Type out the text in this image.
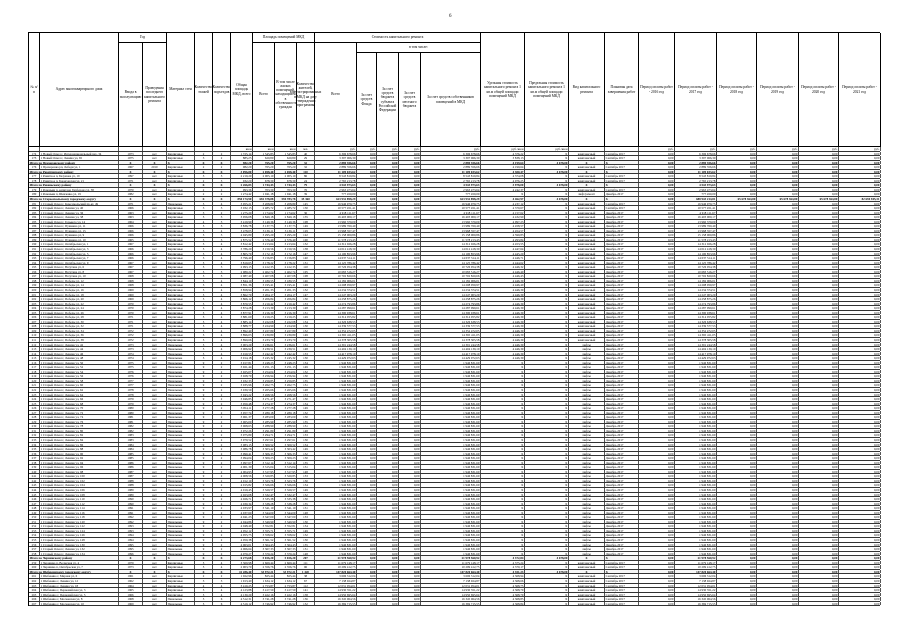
6
№ п/п
Адрес многоквартирного дома
Год
Ввода в эксплуатацию
Проведения последнего капитального ремонта
Материал стен
Количество этажей
Количество подъездов
Общая площадь МКД, всего
Площадь помещений МКД
Всего
В том числе жилых помещений, находящихся в собственности граждан
Количество жителей, зарегистрированных в МКД на дату утверждения программы
Стоимость капитального ремонта
Всего
в том числе:
За счет средств Фонда
За счет средств бюджета субъекта Российской Федерации
За счет средств местного бюджета
За счет средств собственников помещений в МКД
Удельная стоимость капитального ремонта 1 кв.м общей площади помещений МКД
Предельная стоимость капитального ремонта 1 кв.м общей площади помещений МКД
Вид капитального ремонта
Плановая дата завершения работ
Период оплаты работ - 2016 год
Период оплаты работ - 2017 год
Период оплаты работ - 2018 год
Период оплаты работ - 2019 год
Период оплаты работ - 2020 год
Период оплаты работ - 2021 год
кв.м	кв.м	кв.м	чел.	руб.	руб.	руб.	руб.	руб.	руб./кв.м	руб./кв.м	руб.	руб.	руб.	руб.	руб.	руб.
174	1 Новый Оскол г, Интернациональный пер, 34	1973	нет	Кирпичные	2	2	1 725,14	1 545,83	1 545,83	40	6 306 678,66	0,00	0,00	0,00	6 306 678,66	4 376,22	X	комплексный	Сентябрь 2017	0,00	6 306 678,66	0,00	0,00	0,00	0,00
175	1 Новый Оскол г, Ленина ул, 65	1975	нет	Кирпичные	3	2	885,25	620,80	620,80	29	3 397 066,30	0,00	0,00	0,00	3 397 066,30	3 838,13	X	комплексный	Сентябрь 2017	0,00	3 397 066,30	0,00	0,00	0,00	0,00
Итого по Прохоровскому району	X	X	X	X	X	982,20	765,20	765,20	32	2 889 356,66	0,00	0,00	0,00	2 889 356,66	4 199,64	4 678,00	X	X	0,00	2 889 356,66	0,00	0,00	0,00	0,00
176	1 Прохоровка рп, Лебеди ул, 1	1967	2010	Кирпичные	2	2	982,20	765,20	765,20	32	2 889 356,66	0,00	0,00	0,00	2 889 356,66	4 199,64	X	комплексный	Сентябрь 2017	0,00	2 889 356,66	0,00	0,00	0,00	0,00
Итого по Ракитянскому району	X	X	X	X	X	3 096,80	2 698,40	2 698,40	110	11 109 033,62	0,00	0,00	0,00	11 109 033,62	4 300,47	4 678,00	X	X	0,00	11 109 033,62	0,00	0,00	0,00	0,00
177	1 Ракитное п, Базумова ул, 19	1997	нет	Кирпичные	3	3	2 219,20	2 005,10	2 005,10	86	8 543 819,84	0,00	0,00	0,00	8 543 819,84	4 374,08	X	комплексный	Сентябрь 2017	0,00	8 543 819,84	0,00	0,00	0,00	0,00
178	1 Ракитное п, Борисовская ул, 21	1971	нет	Кирпичные	2	3	932,20	678,30	678,30	24	2 765 213,78	0,00	0,00	0,00	2 765 213,78	4 076,25	X	комплексный	Сентябрь 2017	0,00	2 765 213,78	0,00	0,00	0,00	0,00
Итого по Ровеньскому району	X	X	X	X	X	2 266,83	1 744,43	1 744,43	79	4 543 973,63	0,00	0,00	0,00	4 543 973,63	3 978,00	4 678,00	X	X	0,00	4 543 973,63	0,00	0,00	0,00	0,00
179	1 Ровеньки п, капитана Гирберова ул, 38	1970	нет	Кирпичные	2	2	993,36	703,30	703,30	76	2 963 473,64	0,00	0,00	0,00	2 963 473,64	4 242,37	X	комплексный	Сентябрь 2017	0,00	2 963 473,64	0,00	0,00	0,00	0,00
180	1 Ровеньки п, Шевченко ул, 19	1982	нет	Кирпичные	2	2	1 274,42	1 041,18	1 041,18	39	777 450,00	0,00	0,00	0,00	777 450,00	X	X	лифт/ремонт	Декабрь 2017	0,00	777 450,00	0,00	0,00	0,00	0,00
Итого по Старооскольскому городскому округу	X	X	X	X	X	850 174,90	681 378,88	594 783,78	35 360	623 932 898,29	0,00	0,00	0,00	623 932 898,29	4 462,97	4 678,00	X	X	0,00	688 943 214,81	65 678 364,80	65 678 364,80	65 678 364,80	82 694 945,31
181	1 Старый Оскол г, Комсомольский пр-кт, 49	1971	нет	Панельные	5	4	3 955,21	3 208,89	3 208,89	145	16 946 979,75	0,00	0,00	0,00	16 946 979,75	4 237,12	X	комплексный	Сентябрь 2017	0,00	16 946 979,75	0,00	0,00	0,00	0,00
182	1 Старый Оскол г, Ленина ул, 40	1966	нет	Кирпичные	3	3	3 032,15	2 485,72	2 485,72	130	10 577 451,41	0,00	0,00	0,00	10 577 451,41	4 370,67	X	комплексный	Сентябрь 2017	0,00	10 577 451,41	0,00	0,00	0,00	0,00
183	1 Старый Оскол г, Ленина ул, 36	1963	нет	Кирпичные	3	2	1 275,20	1 174,62	1 174,62	36	4 918 111,67	0,00	0,00	0,00	4 918 111,67	4 157,62	X	комплексный	Декабрь 2017	0,00	4 918 111,67	0,00	0,00	0,00	0,00
184	1 Старый Оскол г, Ленина ул, 38	1963	нет	Кирпичные	5	3	3 956,08	2 849,18	2 849,18	135	16 403 000,17	0,00	0,00	0,00	16 403 000,17	4 432,90	X	комплексный	Декабрь 2017	0,00	16 403 000,17	0,00	0,00	0,00	0,00
185	1 Старый Оскол г, Горького ул, 14	1964	нет	Кирпичные	4	3	3 419,90	3 149,36	3 149,36	108	13 960 379,09	0,00	0,00	0,00	13 960 379,09	4 097,23	X	комплексный	Декабрь 2017	0,00	13 960 379,09	0,00	0,00	0,00	0,00
186	1 Старый Оскол г, Пушкина ул, 11	1966	нет	Кирпичные	5	3	3 836,78	3 137,73	3 137,73	149	13 989 760,49	0,00	0,00	0,00	13 989 760,49	4 458,57	X	комплексный	Декабрь 2017	0,00	13 989 760,49	0,00	0,00	0,00	0,00
187	1 Старый Оскол г, Пушкина ул, 15	1966	нет	Кирпичные	5	4	3 478,05	3 136,11	3 136,11	129	13 968 357,47	0,00	0,00	0,00	13 968 357,47	4 454,57	X	комплексный	Декабрь 2017	0,00	13 968 357,47	0,00	0,00	0,00	0,00
188	1 Старый Оскол г, Пушкина ул, 9	1966	нет	Кирпичные	5	3	4 045,80	3 295,29	3 295,29	122	15 158 000,86	0,00	0,00	0,00	15 158 000,86	4 599,83	X	комплексный	Декабрь 2017	0,00	15 158 000,86	0,00	0,00	0,00	0,00
189	1 Старый Оскол г, Пушкина ул, 10	1965	нет	Кирпичные	5	3	2 875,52	2 576,49	2 576,49	100	11 578 213,43	0,00	0,00	0,00	11 578 213,43	4 293,84	X	комплексный	Декабрь 2017	0,00	11 578 213,43	0,00	0,00	0,00	0,00
190	1 Старый Оскол г, Октябрьская ул, 1	1967	нет	Кирпичные	5	4	3 812,42	3 213,64	3 213,64	152	14 312 026,28	0,00	0,00	0,00	14 312 026,28	4 453,55	X	комплексный	Декабрь 2017	0,00	14 312 026,28	0,00	0,00	0,00	0,00
191	1 Старый Оскол г, Октябрьская ул, 3	1966	нет	Кирпичные	5	4	3 786,20	3 150,56	3 150,56	138	14 012 418,30	0,00	0,00	0,00	14 012 418,30	4 447,64	X	комплексный	Декабрь 2017	0,00	14 012 418,30	0,00	0,00	0,00	0,00
192	1 Старый Оскол г, Октябрьская ул, 5	1966	нет	Кирпичные	5	4	3 805,70	3 172,16	3 172,16	147	14 100 853,96	0,00	0,00	0,00	14 100 853,96	4 445,20	X	комплексный	Декабрь 2017	0,00	14 100 853,96	0,00	0,00	0,00	0,00
193	1 Старый Оскол г, Октябрьская ул, 7	1966	нет	Кирпичные	5	4	3 796,40	3 156,83	3 156,83	140	14 037 514,11	0,00	0,00	0,00	14 037 514,11	4 446,71	X	комплексный	Декабрь 2017	0,00	14 037 514,11	0,00	0,00	0,00	0,00
194	1 Старый Оскол г, Октябрьская ул, 9	1967	нет	Кирпичные	5	4	3 819,65	3 178,22	3 178,22	151	14 125 786,42	0,00	0,00	0,00	14 125 786,42	4 444,62	X	комплексный	Декабрь 2017	0,00	14 125 786,42	0,00	0,00	0,00	0,00
195	1 Старый Оскол г, Ватутина ул, 6	1967	нет	Кирпичные	5	3	2 993,15	2 412,35	2 412,35	110	10 726 054,38	0,00	0,00	0,00	10 726 054,38	4 446,32	X	комплексный	Декабрь 2017	0,00	10 726 054,38	0,00	0,00	0,00	0,00
196	1 Старый Оскол г, Ватутина ул, 8	1967	нет	Кирпичные	5	3	2 980,22	2 402,74	2 402,74	105	10 683 516,27	0,00	0,00	0,00	10 683 516,27	4 446,40	X	комплексный	Декабрь 2017	0,00	10 683 516,27	0,00	0,00	0,00	0,00
197	1 Старый Оскол г, Ватутина ул, 10	1968	нет	Кирпичные	5	3	2 987,40	2 407,08	2 407,08	108	10 702 820,66	0,00	0,00	0,00	10 702 820,66	4 446,43	X	комплексный	Декабрь 2017	0,00	10 702 820,66	0,00	0,00	0,00	0,00
198	1 Старый Оскол г, Победы ул, 12	1968	нет	Кирпичные	5	4	3 844,10	3 189,55	3 189,55	146	14 182 006,01	0,00	0,00	0,00	14 182 006,01	4 446,39	X	комплексный	Декабрь 2017	0,00	14 182 006,01	0,00	0,00	0,00	0,00
199	1 Старый Оскол г, Победы ул, 14	1968	нет	Кирпичные	5	4	3 851,36	3 195,41	3 195,41	149	14 208 050,97	0,00	0,00	0,00	14 208 050,97	4 446,40	X	комплексный	Декабрь 2017	0,00	14 208 050,97	0,00	0,00	0,00	0,00
200	1 Старый Оскол г, Победы ул, 16	1969	нет	Кирпичные	5	4	3 858,94	3 201,33	3 201,33	152	14 234 374,51	0,00	0,00	0,00	14 234 374,51	4 446,39	X	комплексный	Декабрь 2017	0,00	14 234 374,51	0,00	0,00	0,00	0,00
201	1 Старый Оскол г, Победы ул, 18	1969	нет	Кирпичные	5	4	3 862,70	3 204,17	3 204,17	147	14 247 003,29	0,00	0,00	0,00	14 247 003,29	4 446,39	X	комплексный	Декабрь 2017	0,00	14 247 003,29	0,00	0,00	0,00	0,00
202	1 Старый Оскол г, Победы ул, 20	1969	нет	Кирпичные	5	4	3 866,12	3 206,84	3 206,84	150	14 258 875,26	0,00	0,00	0,00	14 258 875,26	4 446,39	X	комплексный	Декабрь 2017	0,00	14 258 875,26	0,00	0,00	0,00	0,00
203	1 Старый Оскол г, Победы ул, 22	1970	нет	Кирпичные	5	4	3 870,55	3 210,42	3 210,42	153	14 274 793,86	0,00	0,00	0,00	14 274 793,86	4 446,39	X	комплексный	Декабрь 2017	0,00	14 274 793,86	0,00	0,00	0,00	0,00
204	1 Старый Оскол г, Победы ул, 24	1970	нет	Кирпичные	5	4	3 874,28	3 213,39	3 213,39	148	14 287 999,61	0,00	0,00	0,00	14 287 999,61	4 446,39	X	комплексный	Декабрь 2017	0,00	14 287 999,61	0,00	0,00	0,00	0,00
205	1 Старый Оскол г, Победы ул, 26	1970	нет	Кирпичные	5	4	3 877,91	3 216,30	3 216,30	151	14 300 938,61	0,00	0,00	0,00	14 300 938,61	4 446,39	X	комплексный	Декабрь 2017	0,00	14 300 938,61	0,00	0,00	0,00	0,00
206	1 Старый Оскол г, Победы ул, 28	1971	нет	Кирпичные	5	4	3 881,60	3 219,25	3 219,25	149	14 314 055,82	0,00	0,00	0,00	14 314 055,82	4 446,39	X	комплексный	Декабрь 2017	0,00	14 314 055,82	0,00	0,00	0,00	0,00
207	1 Старый Оскол г, Победы ул, 30	1971	нет	Кирпичные	5	4	3 885,14	3 222,08	3 222,08	154	14 326 638,53	0,00	0,00	0,00	14 326 638,53	4 446,39	X	комплексный	Декабрь 2017	0,00	14 326 638,53	0,00	0,00	0,00	0,00
208	1 Старый Оскол г, Победы ул, 32	1971	нет	Кирпичные	5	4	3 888,77	3 224,99	3 224,99	150	14 339 577,53	0,00	0,00	0,00	14 339 577,53	4 446,39	X	комплексный	Декабрь 2017	0,00	14 339 577,53	0,00	0,00	0,00	0,00
209	1 Старый Оскол г, Победы ул, 34	1972	нет	Кирпичные	5	4	3 892,40	3 227,89	3 227,89	152	14 352 472,05	0,00	0,00	0,00	14 352 472,05	4 446,39	X	комплексный	Декабрь 2017	0,00	14 352 472,05	0,00	0,00	0,00	0,00
210	1 Старый Оскол г, Победы ул, 36	1972	нет	Кирпичные	5	4	3 896,03	3 230,80	3 230,80	149	14 365 411,05	0,00	0,00	0,00	14 365 411,05	4 446,39	X	комплексный	Декабрь 2017	0,00	14 365 411,05	0,00	0,00	0,00	0,00
211	1 Старый Оскол г, Победы ул, 38	1972	нет	Кирпичные	5	4	3 899,66	3 233,70	3 233,70	155	14 378 305,58	0,00	0,00	0,00	14 378 305,58	4 446,39	X	комплексный	Декабрь 2017	0,00	14 378 305,58	0,00	0,00	0,00	0,00
212	1 Старый Оскол г, Ленина ул, 42	1973	нет	Панельные	5	4	3 903,29	3 236,61	3 236,61	151	14 391 244,58	0,00	0,00	0,00	14 391 244,58	4 446,39	X	лифты	Декабрь 2017	0,00	14 391 244,58	0,00	0,00	0,00	0,00
213	1 Старый Оскол г, Ленина ул, 44	1973	нет	Панельные	5	4	3 906,92	3 239,51	3 239,51	148	14 404 139,10	0,00	0,00	0,00	14 404 139,10	4 446,39	X	лифты	Декабрь 2017	0,00	14 404 139,10	0,00	0,00	0,00	0,00
214	1 Старый Оскол г, Ленина ул, 46	1974	нет	Панельные	5	4	3 910,55	3 242,42	3 242,42	153	14 417 078,10	0,00	0,00	0,00	14 417 078,10	4 446,39	X	лифты	Декабрь 2017	0,00	14 417 078,10	0,00	0,00	0,00	0,00
215	1 Старый Оскол г, Ленина ул, 48	1974	нет	Панельные	5	4	3 914,18	3 245,32	3 245,32	150	14 429 972,63	0,00	0,00	0,00	14 429 972,63	4 446,39	X	лифты	Декабрь 2017	0,00	14 429 972,63	0,00	0,00	0,00	0,00
216	1 Старый Оскол г, Ленина ул, 50	1975	нет	Панельные	9	2	3 917,81	3 248,23	3 248,23	154	1 946 831,60	0,00	0,00	0,00	1 946 831,60	X	X	лифты	Декабрь 2017	0,00	1 946 831,60	0,00	0,00	0,00	0,00
217	1 Старый Оскол г, Ленина ул, 52	1975	нет	Панельные	9	2	3 921,44	3 251,13	3 251,13	149	1 946 831,60	0,00	0,00	0,00	1 946 831,60	X	X	лифты	Декабрь 2017	0,00	1 946 831,60	0,00	0,00	0,00	0,00
218	1 Старый Оскол г, Ленина ул, 54	1976	нет	Панельные	9	2	3 925,07	3 254,04	3 254,04	152	1 946 831,60	0,00	0,00	0,00	1 946 831,60	X	X	лифты	Декабрь 2017	0,00	1 946 831,60	0,00	0,00	0,00	0,00
219	1 Старый Оскол г, Ленина ул, 56	1976	нет	Панельные	9	2	3 928,70	3 256,94	3 256,94	150	1 946 831,60	0,00	0,00	0,00	1 946 831,60	X	X	лифты	Декабрь 2017	0,00	1 946 831,60	0,00	0,00	0,00	0,00
220	1 Старый Оскол г, Ленина ул, 58	1977	нет	Панельные	9	2	3 932,33	3 259,85	3 259,85	155	1 946 831,60	0,00	0,00	0,00	1 946 831,60	X	X	лифты	Декабрь 2017	0,00	1 946 831,60	0,00	0,00	0,00	0,00
221	1 Старый Оскол г, Ленина ул, 60	1977	нет	Панельные	9	2	3 935,96	3 262,75	3 262,75	151	1 946 831,60	0,00	0,00	0,00	1 946 831,60	X	X	лифты	Декабрь 2017	0,00	1 946 831,60	0,00	0,00	0,00	0,00
222	1 Старый Оскол г, Ленина ул, 62	1978	нет	Панельные	9	2	3 939,59	3 265,66	3 265,66	148	1 946 831,60	0,00	0,00	0,00	1 946 831,60	X	X	лифты	Декабрь 2017	0,00	1 946 831,60	0,00	0,00	0,00	0,00
223	1 Старый Оскол г, Ленина ул, 64	1978	нет	Панельные	9	2	3 943,22	3 268,56	3 268,56	153	1 946 831,60	0,00	0,00	0,00	1 946 831,60	X	X	лифты	Декабрь 2017	0,00	1 946 831,60	0,00	0,00	0,00	0,00
224	1 Старый Оскол г, Ленина ул, 66	1979	нет	Панельные	9	2	3 946,85	3 271,47	3 271,47	150	1 946 831,60	0,00	0,00	0,00	1 946 831,60	X	X	лифты	Декабрь 2017	0,00	1 946 831,60	0,00	0,00	0,00	0,00
225	1 Старый Оскол г, Ленина ул, 68	1979	нет	Панельные	9	2	3 950,48	3 274,37	3 274,37	154	1 946 831,60	0,00	0,00	0,00	1 946 831,60	X	X	лифты	Декабрь 2017	0,00	1 946 831,60	0,00	0,00	0,00	0,00
226	1 Старый Оскол г, Ленина ул, 70	1980	нет	Панельные	9	2	3 954,11	3 277,28	3 277,28	149	1 946 831,60	0,00	0,00	0,00	1 946 831,60	X	X	лифты	Декабрь 2017	0,00	1 946 831,60	0,00	0,00	0,00	0,00
227	1 Старый Оскол г, Ленина ул, 72	1980	нет	Панельные	9	2	3 957,74	3 280,18	3 280,18	152	1 946 831,60	0,00	0,00	0,00	1 946 831,60	X	X	лифты	Декабрь 2017	0,00	1 946 831,60	0,00	0,00	0,00	0,00
228	1 Старый Оскол г, Ленина ул, 74	1981	нет	Панельные	9	2	3 961,37	3 283,09	3 283,09	150	1 946 831,60	0,00	0,00	0,00	1 946 831,60	X	X	лифты	Декабрь 2017	0,00	1 946 831,60	0,00	0,00	0,00	0,00
229	1 Старый Оскол г, Ленина ул, 76	1981	нет	Панельные	9	2	3 965,00	3 285,99	3 285,99	155	1 946 831,60	0,00	0,00	0,00	1 946 831,60	X	X	лифты	Декабрь 2017	0,00	1 946 831,60	0,00	0,00	0,00	0,00
230	1 Старый Оскол г, Ленина ул, 78	1982	нет	Панельные	9	2	3 968,63	3 288,90	3 288,90	151	1 946 831,60	0,00	0,00	0,00	1 946 831,60	X	X	лифты	Декабрь 2017	0,00	1 946 831,60	0,00	0,00	0,00	0,00
231	1 Старый Оскол г, Ленина ул, 80	1982	нет	Панельные	9	2	3 972,26	3 291,80	3 291,80	148	1 946 831,60	0,00	0,00	0,00	1 946 831,60	X	X	лифты	Декабрь 2017	0,00	1 946 831,60	0,00	0,00	0,00	0,00
232	1 Старый Оскол г, Ленина ул, 82	1983	нет	Панельные	9	2	3 975,89	3 294,71	3 294,71	153	1 946 831,60	0,00	0,00	0,00	1 946 831,60	X	X	лифты	Декабрь 2017	0,00	1 946 831,60	0,00	0,00	0,00	0,00
233	1 Старый Оскол г, Ленина ул, 84	1983	нет	Панельные	9	2	3 979,52	3 297,61	3 297,61	150	1 946 831,60	0,00	0,00	0,00	1 946 831,60	X	X	лифты	Декабрь 2017	0,00	1 946 831,60	0,00	0,00	0,00	0,00
234	1 Старый Оскол г, Ленина ул, 86	1984	нет	Панельные	9	2	3 983,15	3 300,52	3 300,52	154	1 946 831,60	0,00	0,00	0,00	1 946 831,60	X	X	лифты	Декабрь 2017	0,00	1 946 831,60	0,00	0,00	0,00	0,00
235	1 Старый Оскол г, Ленина ул, 88	1984	нет	Панельные	9	2	3 986,78	3 303,42	3 303,42	149	1 946 831,60	0,00	0,00	0,00	1 946 831,60	X	X	лифты	Декабрь 2017	0,00	1 946 831,60	0,00	0,00	0,00	0,00
236	1 Старый Оскол г, Ленина ул, 90	1985	нет	Панельные	9	2	3 990,41	3 306,33	3 306,33	152	1 946 831,60	0,00	0,00	0,00	1 946 831,60	X	X	лифты	Декабрь 2017	0,00	1 946 831,60	0,00	0,00	0,00	0,00
237	1 Старый Оскол г, Ленина ул, 92	1985	нет	Панельные	9	2	3 994,04	3 309,23	3 309,23	150	1 946 831,60	0,00	0,00	0,00	1 946 831,60	X	X	лифты	Декабрь 2017	0,00	1 946 831,60	0,00	0,00	0,00	0,00
238	1 Старый Оскол г, Ленина ул, 94	1986	нет	Панельные	9	2	3 997,67	3 312,14	3 312,14	155	1 946 831,60	0,00	0,00	0,00	1 946 831,60	X	X	лифты	Декабрь 2017	0,00	1 946 831,60	0,00	0,00	0,00	0,00
239	1 Старый Оскол г, Ленина ул, 96	1986	нет	Панельные	9	2	4 001,30	3 315,04	3 315,04	151	1 946 831,60	0,00	0,00	0,00	1 946 831,60	X	X	лифты	Декабрь 2017	0,00	1 946 831,60	0,00	0,00	0,00	0,00
240	1 Старый Оскол г, Ленина ул, 98	1987	нет	Панельные	9	2	4 004,93	3 317,95	3 317,95	148	1 946 831,60	0,00	0,00	0,00	1 946 831,60	X	X	лифты	Декабрь 2017	0,00	1 946 831,60	0,00	0,00	0,00	0,00
241	1 Старый Оскол г, Ленина ул, 100	1987	нет	Панельные	9	2	4 008,56	3 320,85	3 320,85	153	1 946 831,60	0,00	0,00	0,00	1 946 831,60	X	X	лифты	Декабрь 2017	0,00	1 946 831,60	0,00	0,00	0,00	0,00
242	1 Старый Оскол г, Ленина ул, 102	1988	нет	Панельные	9	2	4 012,19	3 323,76	3 323,76	150	1 946 831,60	0,00	0,00	0,00	1 946 831,60	X	X	лифты	Декабрь 2017	0,00	1 946 831,60	0,00	0,00	0,00	0,00
243	1 Старый Оскол г, Ленина ул, 104	1988	нет	Панельные	9	2	4 015,82	3 326,66	3 326,66	154	1 946 831,60	0,00	0,00	0,00	1 946 831,60	X	X	лифты	Декабрь 2017	0,00	1 946 831,60	0,00	0,00	0,00	0,00
244	1 Старый Оскол г, Ленина ул, 106	1989	нет	Панельные	9	2	4 019,45	3 329,57	3 329,57	149	1 946 831,60	0,00	0,00	0,00	1 946 831,60	X	X	лифты	Декабрь 2017	0,00	1 946 831,60	0,00	0,00	0,00	0,00
245	1 Старый Оскол г, Ленина ул, 108	1989	нет	Панельные	9	2	4 023,08	3 332,47	3 332,47	152	1 946 831,60	0,00	0,00	0,00	1 946 831,60	X	X	лифты	Декабрь 2017	0,00	1 946 831,60	0,00	0,00	0,00	0,00
246	1 Старый Оскол г, Ленина ул, 110	1990	нет	Панельные	9	2	4 026,71	3 335,38	3 335,38	150	1 946 831,60	0,00	0,00	0,00	1 946 831,60	X	X	лифты	Декабрь 2017	0,00	1 946 831,60	0,00	0,00	0,00	0,00
247	1 Старый Оскол г, Ленина ул, 112	1990	нет	Панельные	9	2	4 030,34	3 338,28	3 338,28	155	1 946 831,60	0,00	0,00	0,00	1 946 831,60	X	X	лифты	Декабрь 2017	0,00	1 946 831,60	0,00	0,00	0,00	0,00
248	1 Старый Оскол г, Ленина ул, 114	1991	нет	Панельные	9	2	4 033,97	3 341,19	3 341,19	151	1 946 831,60	0,00	0,00	0,00	1 946 831,60	X	X	лифты	Декабрь 2017	0,00	1 946 831,60	0,00	0,00	0,00	0,00
249	1 Старый Оскол г, Ленина ул, 116	1991	нет	Панельные	9	2	4 037,60	3 344,09	3 344,09	148	1 946 831,60	0,00	0,00	0,00	1 946 831,60	X	X	лифты	Декабрь 2017	0,00	1 946 831,60	0,00	0,00	0,00	0,00
250	1 Старый Оскол г, Ленина ул, 118	1992	нет	Панельные	9	2	4 041,23	3 347,00	3 347,00	153	1 946 831,60	0,00	0,00	0,00	1 946 831,60	X	X	лифты	Декабрь 2017	0,00	1 946 831,60	0,00	0,00	0,00	0,00
251	1 Старый Оскол г, Ленина ул, 120	1992	нет	Панельные	9	2	4 044,86	3 349,90	3 349,90	150	1 946 831,60	0,00	0,00	0,00	1 946 831,60	X	X	лифты	Декабрь 2017	0,00	1 946 831,60	0,00	0,00	0,00	0,00
252	1 Старый Оскол г, Ленина ул, 122	1993	нет	Панельные	9	2	4 048,49	3 352,81	3 352,81	154	1 946 831,60	0,00	0,00	0,00	1 946 831,60	X	X	лифты	Декабрь 2017	0,00	1 946 831,60	0,00	0,00	0,00	0,00
253	1 Старый Оскол г, Ленина ул, 124	1993	нет	Панельные	9	2	4 052,12	3 355,71	3 355,71	149	1 946 831,60	0,00	0,00	0,00	1 946 831,60	X	X	лифты	Декабрь 2017	0,00	1 946 831,60	0,00	0,00	0,00	0,00
254	1 Старый Оскол г, Ленина ул, 126	1994	нет	Панельные	9	2	4 055,75	3 358,62	3 358,62	152	1 946 831,60	0,00	0,00	0,00	1 946 831,60	X	X	лифты	Декабрь 2017	0,00	1 946 831,60	0,00	0,00	0,00	0,00
255	1 Старый Оскол г, Ленина ул, 128	1994	нет	Панельные	9	2	4 059,38	3 361,52	3 361,52	150	1 946 831,60	0,00	0,00	0,00	1 946 831,60	X	X	лифты	Декабрь 2017	0,00	1 946 831,60	0,00	0,00	0,00	0,00
256	1 Старый Оскол г, Ленина ул, 130	1995	нет	Панельные	9	2	4 063,01	3 364,43	3 364,43	155	1 946 831,60	0,00	0,00	0,00	1 946 831,60	X	X	лифты	Декабрь 2017	0,00	1 946 831,60	0,00	0,00	0,00	0,00
257	1 Старый Оскол г, Ленина ул, 132	1995	нет	Панельные	9	2	4 066,64	3 367,33	3 367,33	151	1 946 831,60	0,00	0,00	0,00	1 946 831,60	X	X	лифты	Декабрь 2017	0,00	1 946 831,60	0,00	0,00	0,00	0,00
258	1 Старый Оскол г, Ленина ул, 134	1996	нет	Панельные	9	2	4 070,27	3 370,24	3 370,24	148	1 946 831,60	0,00	0,00	0,00	1 946 831,60	X	X	лифты	Декабрь 2017	0,00	1 946 831,60	0,00	0,00	0,00	0,00
Итого по Чернянскому району	X	X	X	X	X	6 273,68	5 026,20	5 026,20	207	21 978 560,92	0,00	0,00	0,00	21 978 560,92	4 372,84	4 678,00	X	X	0,00	21 978 560,92	0,00	0,00	0,00	0,00
259	1 Чернянка п, Волжская ул, 4	1979	нет	Кирпичные	5	4	3 369,98	2 669,44	2 669,44	111	11 679 148,17	0,00	0,00	0,00	11 679 148,17	4 375,24	X	комплексный	Сентябрь 2017	0,00	11 679 148,17	0,00	0,00	0,00	0,00
260	1 Чернянка п, Октябрьская ул, 7	1973	нет	Кирпичные	5	4	2 903,70	2 356,76	2 356,76	96	10 299 412,75	0,00	0,00	0,00	10 299 412,75	4 370,17	X	комплексный	Сентябрь 2017	0,00	10 299 412,75	0,00	0,00	0,00	0,00
Итого по Шебекинскому городскому округу	X	X	X	X	X	41 286,40	33 972,21	33 972,21	1 420	147 820 664,40	0,00	0,00	0,00	147 820 664,40	4 351,23	4 678,00	X	X	0,00	147 820 664,40	0,00	0,00	0,00	0,00
261	1 Шебекино г, Мирная ул, 6	1961	нет	Кирпичные	2	2	1 022,96	825,44	825,44	38	3 606 312,04	0,00	0,00	0,00	3 606 312,04	4 368,94	X	комплексный	Сентябрь 2017	0,00	3 606 312,04	0,00	0,00	0,00	0,00
262	1 Шебекино г, Ленина ул, 12	1962	нет	Кирпичные	3	3	1 913,40	1 634,12	1 634,12	67	7 138 924,87	0,00	0,00	0,00	7 138 924,87	4 368,66	X	комплексный	Сентябрь 2017	0,00	7 138 924,87	0,00	0,00	0,00	0,00
263	1 Шебекино г, Ленина ул, 18	1964	нет	Кирпичные	4	4	3 410,25	2 753,87	2 753,87	112	12 031 054,01	0,00	0,00	0,00	12 031 054,01	4 368,75	X	комплексный	Сентябрь 2017	0,00	12 031 054,01	0,00	0,00	0,00	0,00
264	1 Шебекино г, Первомайская ул, 3	1965	нет	Кирпичные	5	4	4 123,88	3 417,50	3 417,50	141	14 930 351,22	0,00	0,00	0,00	14 930 351,22	4 368,79	X	комплексный	Сентябрь 2017	0,00	14 930 351,22	0,00	0,00	0,00	0,00
265	1 Шебекино г, Первомайская ул, 5	1966	нет	Кирпичные	5	4	4 130,20	3 422,16	3 422,16	138	14 950 695,64	0,00	0,00	0,00	14 950 695,64	4 368,79	X	комплексный	Сентябрь 2017	0,00	14 950 695,64	0,00	0,00	0,00	0,00
266	1 Шебекино г, Московская ул, 8	1968	нет	Панельные	5	6	4 512,31	3 741,28	3 741,28	156	16 345 064,56	0,00	0,00	0,00	16 345 064,56	4 368,85	X	комплексный	Сентябрь 2017	0,00	16 345 064,56	0,00	0,00	0,00	0,00
267	1 Шебекино г, Московская ул, 10	1969	нет	Панельные	5	6	4 519,12	3 746,92	3 746,92	152	16 369 715,55	0,00	0,00	0,00	16 369 715,55	4 368,84	X	комплексный	Сентябрь 2017	0,00	16 369 715,55	0,00	0,00	0,00	0,00
